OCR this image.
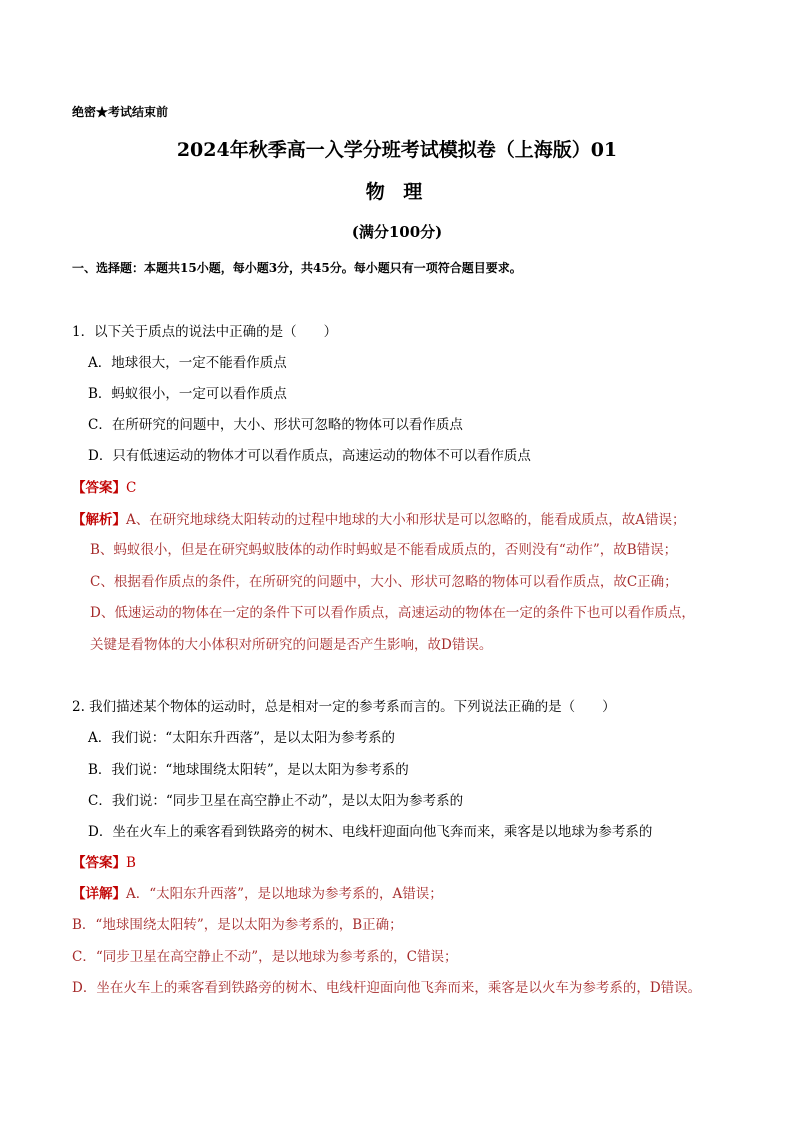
绝密★考试结束前
2024年秋季高一入学分班考试模拟卷（上海版）01
物 理
(满分100分)
一、选择题：本题共15小题，每小题3分，共45分。每小题只有一项符合题目要求。
1．以下关于质点的说法中正确的是（　　）
A．地球很大，一定不能看作质点
B．蚂蚁很小，一定可以看作质点
C．在所研究的问题中，大小、形状可忽略的物体可以看作质点
D．只有低速运动的物体才可以看作质点，高速运动的物体不可以看作质点
【答案】C
【解析】A、在研究地球绕太阳转动的过程中地球的大小和形状是可以忽略的，能看成质点，故A错误；
B、蚂蚁很小，但是在研究蚂蚁肢体的动作时蚂蚁是不能看成质点的，否则没有“动作”，故B错误；
C、根据看作质点的条件，在所研究的问题中，大小、形状可忽略的物体可以看作质点，故C正确；
D、低速运动的物体在一定的条件下可以看作质点，高速运动的物体在一定的条件下也可以看作质点，
关键是看物体的大小体积对所研究的问题是否产生影响，故D错误。
2. 我们描述某个物体的运动时，总是相对一定的参考系而言的。下列说法正确的是（　　）
A．我们说：“太阳东升西落”，是以太阳为参考系的
B．我们说：“地球围绕太阳转”，是以太阳为参考系的
C．我们说：“同步卫星在高空静止不动”，是以太阳为参考系的
D．坐在火车上的乘客看到铁路旁的树木、电线杆迎面向他飞奔而来，乘客是以地球为参考系的
【答案】B
【详解】A．“太阳东升西落”，是以地球为参考系的，A错误；
B．“地球围绕太阳转”，是以太阳为参考系的，B正确；
C．“同步卫星在高空静止不动”，是以地球为参考系的，C错误；
D．坐在火车上的乘客看到铁路旁的树木、电线杆迎面向他飞奔而来，乘客是以火车为参考系的，D错误。
